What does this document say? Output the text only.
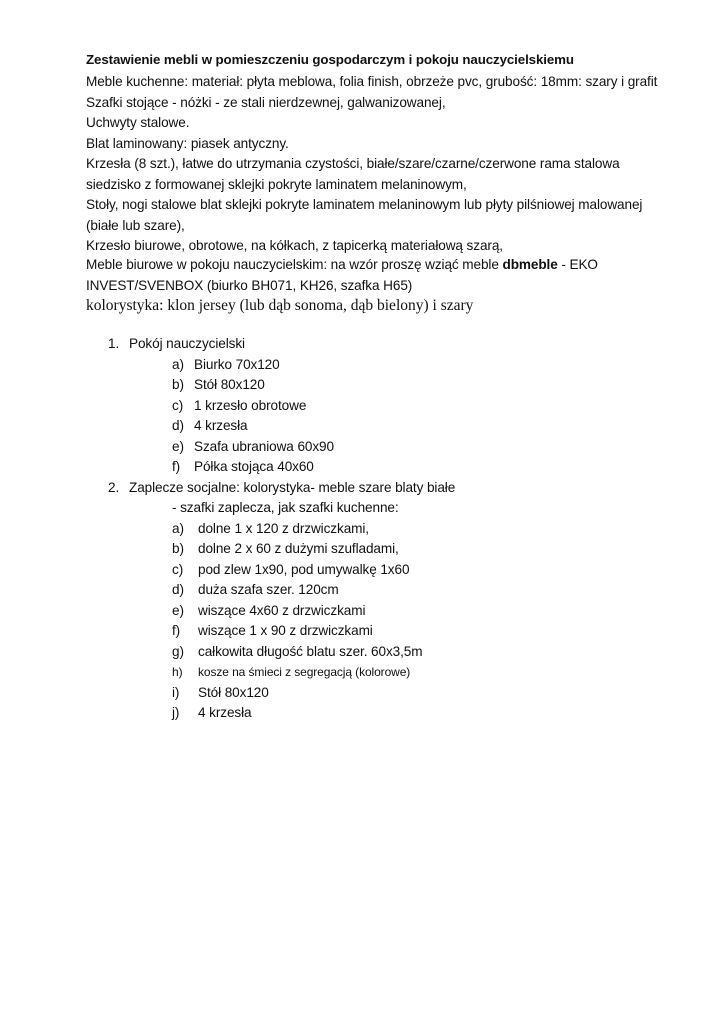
Zestawienie mebli w pomieszczeniu gospodarczym i pokoju nauczycielskiemu
Meble kuchenne: materiał: płyta meblowa, folia finish, obrzeże pvc, grubość: 18mm: szary i grafit
Szafki stojące - nóżki - ze stali nierdzewnej, galwanizowanej,
Uchwyty stalowe.
Blat laminowany: piasek antyczny.
Krzesła (8 szt.), łatwe do utrzymania czystości, białe/szare/czarne/czerwone rama stalowa
siedzisko z formowanej sklejki pokryte laminatem melaninowym,
Stoły, nogi stalowe blat sklejki pokryte laminatem melaninowym lub płyty pilśniowej malowanej
(białe lub szare),
Krzesło biurowe, obrotowe, na kółkach, z tapicerką materiałową szarą,
Meble biurowe w pokoju nauczycielskim: na wzór proszę wziąć meble dbmeble - EKO
INVEST/SVENBOX (biurko BH071, KH26, szafka H65)
kolorystyka: klon jersey (lub dąb sonoma, dąb bielony) i szary
1. Pokój nauczycielski
a) Biurko 70x120
b) Stół 80x120
c) 1 krzesło obrotowe
d) 4 krzesła
e) Szafa ubraniowa 60x90
f) Półka stojąca 40x60
2. Zaplecze socjalne: kolorystyka- meble szare blaty białe
- szafki zaplecza, jak szafki kuchenne:
a) dolne 1 x 120 z drzwiczkami,
b) dolne 2 x 60 z dużymi szufladami,
c) pod zlew 1x90, pod umywalkę 1x60
d) duża szafa szer. 120cm
e) wiszące 4x60 z drzwiczkami
f) wiszące 1 x 90 z drzwiczkami
g) całkowita długość blatu szer. 60x3,5m
h) kosze na śmieci z segregacją (kolorowe)
i) Stół 80x120
j) 4 krzesła
